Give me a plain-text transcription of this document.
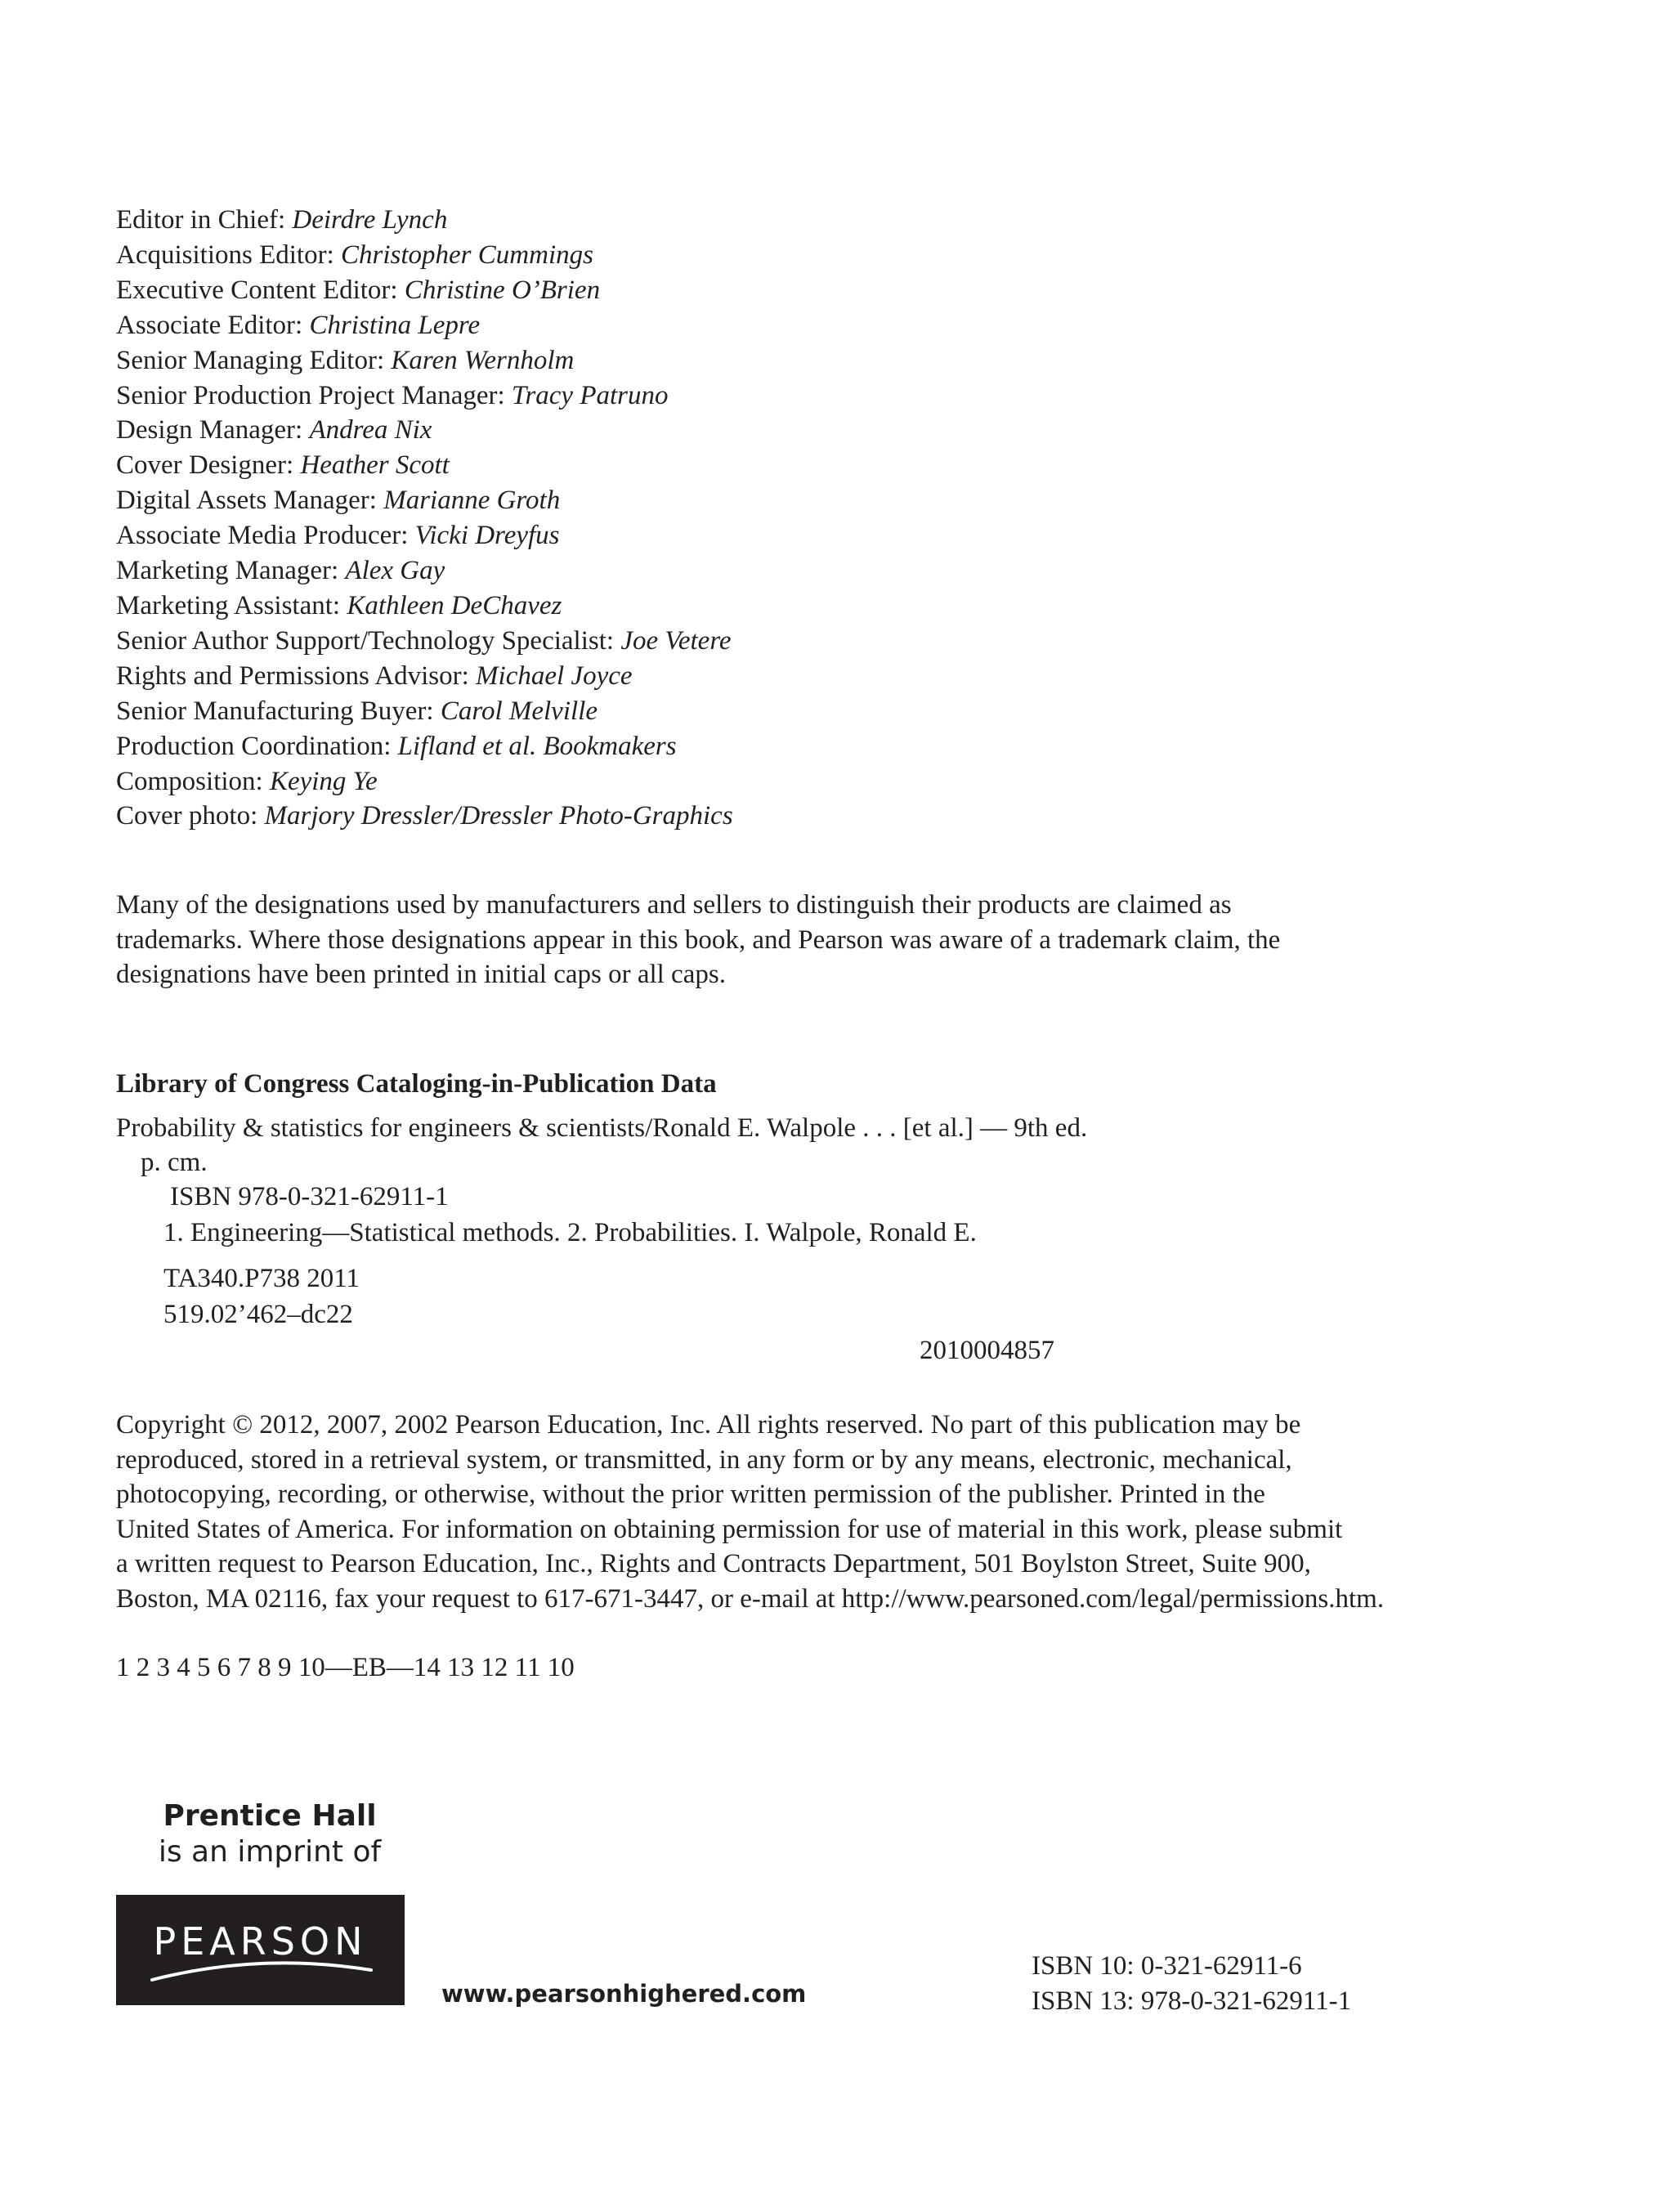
Editor in Chief: Deirdre Lynch
Acquisitions Editor: Christopher Cummings
Executive Content Editor: Christine O’Brien
Associate Editor: Christina Lepre
Senior Managing Editor: Karen Wernholm
Senior Production Project Manager: Tracy Patruno
Design Manager: Andrea Nix
Cover Designer: Heather Scott
Digital Assets Manager: Marianne Groth
Associate Media Producer: Vicki Dreyfus
Marketing Manager: Alex Gay
Marketing Assistant: Kathleen DeChavez
Senior Author Support/Technology Specialist: Joe Vetere
Rights and Permissions Advisor: Michael Joyce
Senior Manufacturing Buyer: Carol Melville
Production Coordination: Lifland et al. Bookmakers
Composition: Keying Ye
Cover photo: Marjory Dressler/Dressler Photo-Graphics

Many of the designations used by manufacturers and sellers to distinguish their products are claimed as
trademarks. Where those designations appear in this book, and Pearson was aware of a trademark claim, the
designations have been printed in initial caps or all caps.

Library of Congress Cataloging-in-Publication Data

Probability & statistics for engineers & scientists/Ronald E. Walpole . . . [et al.] — 9th ed.

p. cm.

ISBN 978-0-321-62911-1

1. Engineering—Statistical methods. 2. Probabilities. I. Walpole, Ronald E.

TA340.P738 2011

519.02’462–dc22

2010004857

Copyright © 2012, 2007, 2002 Pearson Education, Inc. All rights reserved. No part of this publication may be
reproduced, stored in a retrieval system, or transmitted, in any form or by any means, electronic, mechanical,
photocopying, recording, or otherwise, without the prior written permission of the publisher. Printed in the
United States of America. For information on obtaining permission for use of material in this work, please submit
a written request to Pearson Education, Inc., Rights and Contracts Department, 501 Boylston Street, Suite 900,
Boston, MA 02116, fax your request to 617-671-3447, or e-mail at http://www.pearsoned.com/legal/permissions.htm.

1 2 3 4 5 6 7 8 9 10—EB—14 13 12 11 10

Prentice Hall
is an imprint of
PEARSON
www.pearsonhighered.com
ISBN 10: 0-321-62911-6
ISBN 13: 978-0-321-62911-1
